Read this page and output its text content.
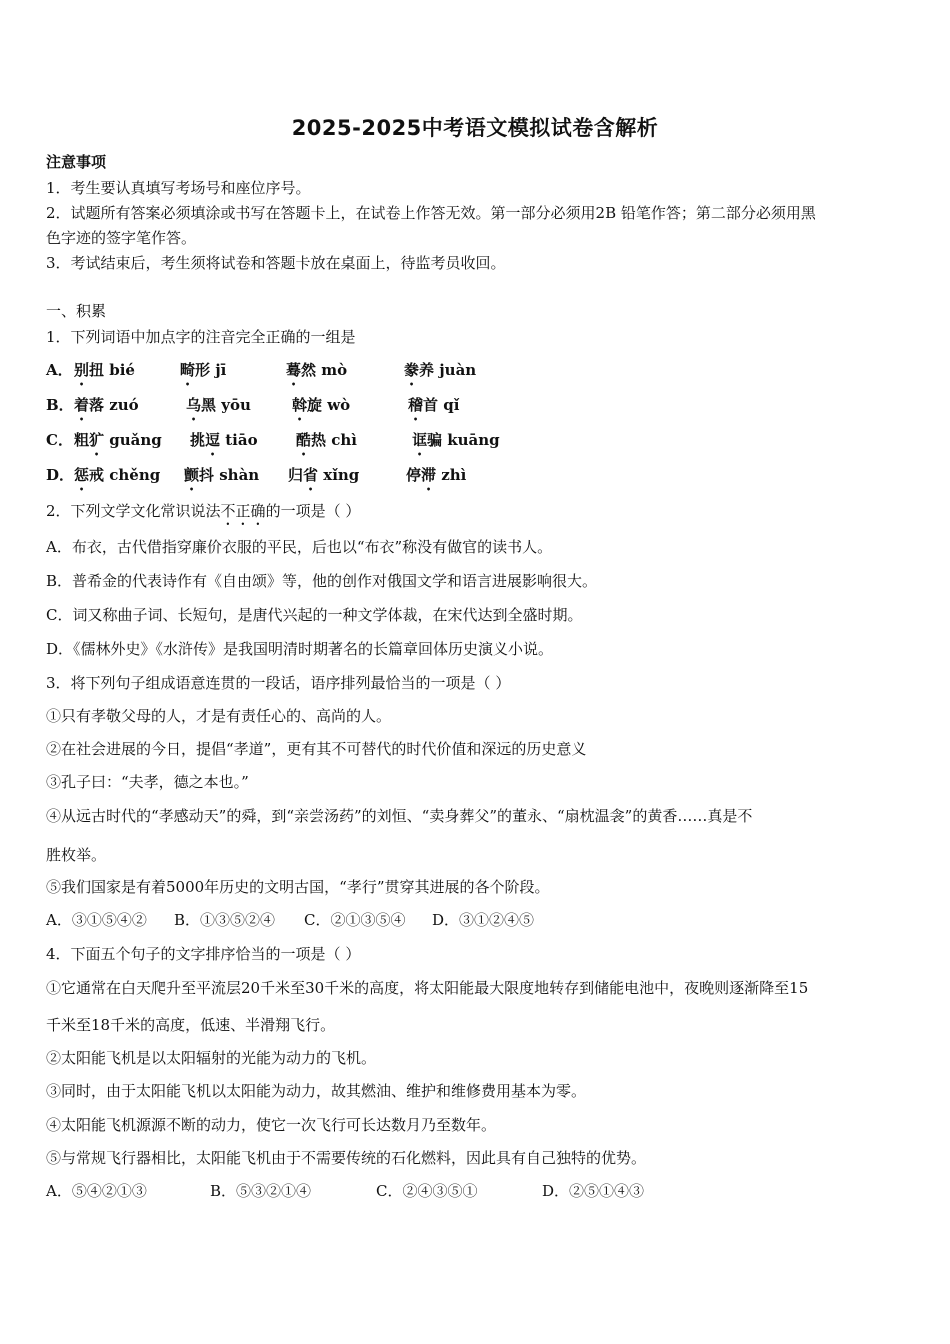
2025-2025中考语文模拟试卷含解析
注意事项
1．考生要认真填写考场号和座位序号。
2．试题所有答案必须填涂或书写在答题卡上，在试卷上作答无效。第一部分必须用2B 铅笔作答；第二部分必须用黑
色字迹的签字笔作答。
3．考试结束后，考生须将试卷和答题卡放在桌面上，待监考员收回。
一、积累
1．下列词语中加点字的注音完全正确的一组是
A． 别扭 bié	畸形 jī	蓦然 mò	豢养 juàn
B． 着落 zuó	乌黑 yōu	斡旋 wò	稽首 qǐ
C． 粗犷 guǎng 挑逗 tiāo	酷热 chì	诓骗 kuāng
D． 惩戒 chěng 颤抖 shàn 归省 xǐng	停滞 zhì
2．下列文学文化常识说法不正确的一项是（ ）
A．布衣，古代借指穿廉价衣服的平民，后也以“布衣”称没有做官的读书人。
B．普希金的代表诗作有《自由颂》等，他的创作对俄国文学和语言进展影响很大。
C．词又称曲子词、长短句，是唐代兴起的一种文学体裁，在宋代达到全盛时期。
D．《儒林外史》《水浒传》是我国明清时期著名的长篇章回体历史演义小说。
3．将下列句子组成语意连贯的一段话，语序排列最恰当的一项是（ ）
①只有孝敬父母的人，才是有责任心的、高尚的人。
②在社会进展的今日，提倡“孝道”，更有其不可替代的时代价值和深远的历史意义
③孔子曰：“夫孝，德之本也。”
④从远古时代的“孝感动天”的舜，到“亲尝汤药”的刘恒、“卖身葬父”的董永、“扇枕温衾”的黄香……真是不
胜枚举。
⑤我们国家是有着5000年历史的文明古国，“孝行”贯穿其进展的各个阶段。
A．③①⑤④② B．①③⑤②④ C．②①③⑤④ D．③①②④⑤
4．下面五个句子的文字排序恰当的一项是（ ）
①它通常在白天爬升至平流层20千米至30千米的高度，将太阳能最大限度地转存到储能电池中，夜晚则逐渐降至15
千米至18千米的高度，低速、半滑翔飞行。
②太阳能飞机是以太阳辐射的光能为动力的飞机。
③同时，由于太阳能飞机以太阳能为动力，故其燃油、维护和维修费用基本为零。
④太阳能飞机源源不断的动力，使它一次飞行可长达数月乃至数年。
⑤与常规飞行器相比，太阳能飞机由于不需要传统的石化燃料，因此具有自己独特的优势。
A．⑤④②①③	B．⑤③②①④	C．②④③⑤①	D．②⑤①④③
